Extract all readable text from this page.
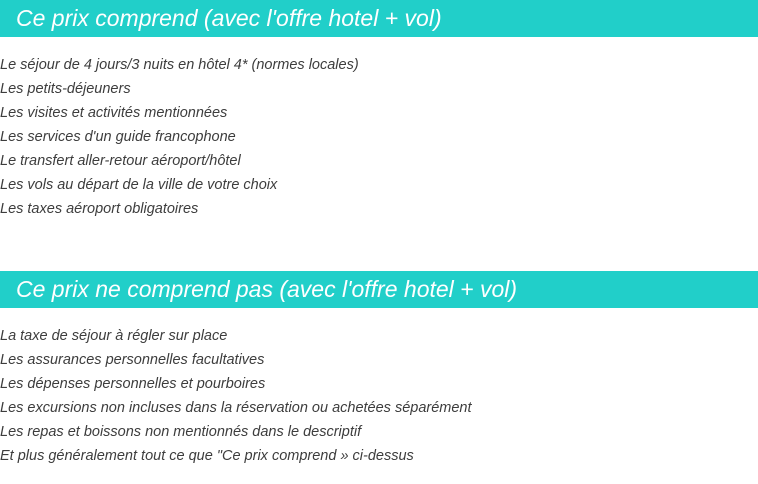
Ce prix comprend (avec l'offre hotel + vol)
Le séjour de 4 jours/3 nuits en hôtel 4* (normes locales)
Les petits-déjeuners
Les visites et activités mentionnées
Les services d'un guide francophone
Le transfert aller-retour aéroport/hôtel
Les vols au départ de la ville de votre choix
Les taxes aéroport obligatoires
Ce prix ne comprend pas (avec l'offre hotel + vol)
La taxe de séjour à régler sur place
Les assurances personnelles facultatives
Les dépenses personnelles et pourboires
Les excursions non incluses dans la réservation ou achetées séparément
Les repas et boissons non mentionnés dans le descriptif
Et plus généralement tout ce que "Ce prix comprend » ci-dessus
